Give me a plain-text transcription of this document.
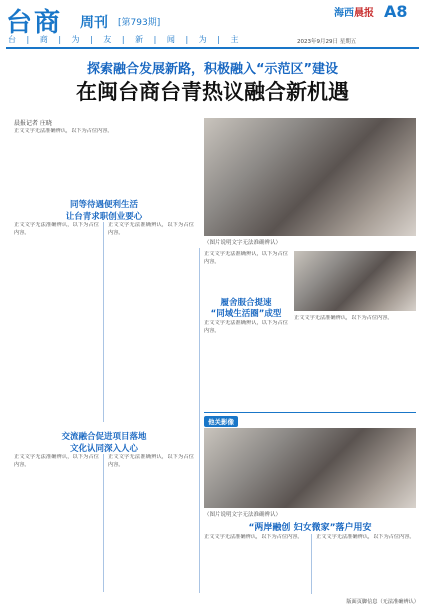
台商 周刊 [第793期]
台 | 商 | 为 | 友 | 新 | 闻 | 为 | 主
海西晨报 A8
2023年9月29日 星期五
探索融合发展新路，积极融入“示范区”建设
在闽台商台青热议融合新机遇
晨报记者 庄晓
正文文字无法准确辨认，以下为占位内容。
（图片说明文字无法准确辨认）
同等待遇便利生活
让台青求职创业要心
正文文字无法准确辨认，以下为占位内容。
正文文字无法准确辨认，以下为占位内容。
交流融合促进项目落地
文化认同深入人心
正文文字无法准确辨认，以下为占位内容。
正文文字无法准确辨认，以下为占位内容。
履舍服合提速
“同域生活圈”成型
正文文字无法准确辨认，以下为占位内容。
正文文字无法准确辨认，以下为占位内容。
正文文字无法准确辨认，以下为占位内容。
他关影像
（图片说明文字无法准确辨认）
“两岸融创 妇女微家”落户用安
正文文字无法准确辨认，以下为占位内容。	正文文字无法准确辨认，以下为占位内容。
版面页脚信息（无法准确辨认）
